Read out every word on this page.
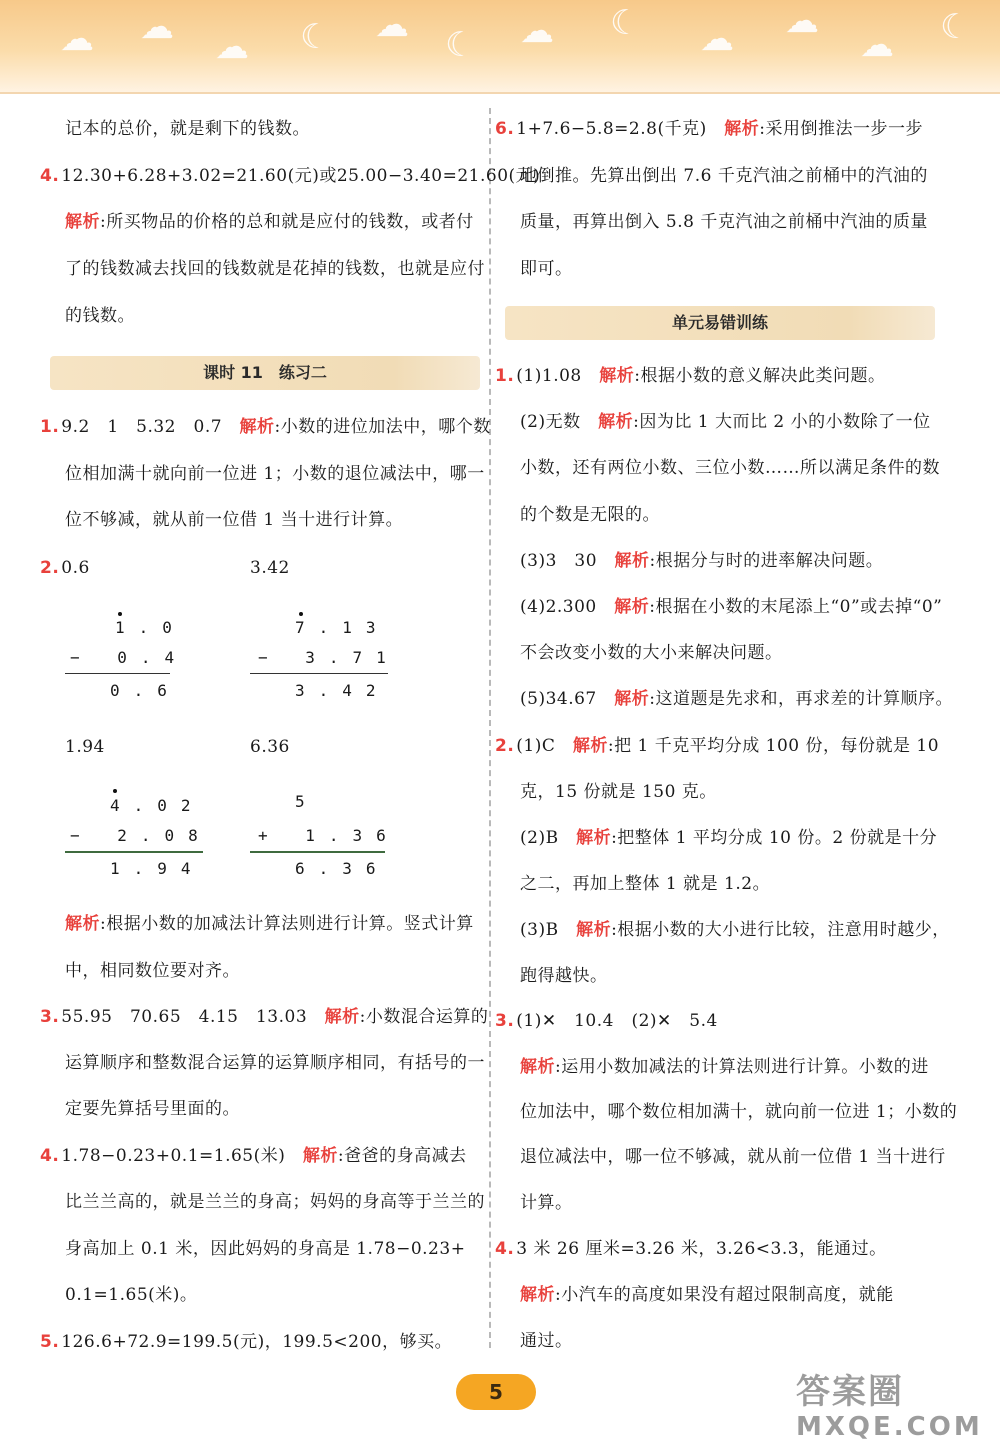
☁ ☁ ☁ ☾ ☁ ☾ ☁ ☾ ☁ ☁
☁ ☾
记本的总价，就是剩下的钱数。
4. 12.30+6.28+3.02=21.60(元)或25.00−3.40=21.60(元)
解析:所买物品的价格的总和就是应付的钱数，或者付
了的钱数减去找回的钱数就是花掉的钱数，也就是应付
的钱数。
课时 11　练习二
1. 9.2　1　5.32　0.7　解析:小数的进位加法中，哪个数
位相加满十就向前一位进 1；小数的退位减法中，哪一
位不够减，就从前一位借 1 当十进行计算。
2. 0.6	3.42
1.0
− 0.4
0.6
7.13
− 3.71
3.42
1.94	6.36
4.02
− 2.08
1.94
5
+ 1.36
6.36
解析:根据小数的加减法计算法则进行计算。竖式计算
中，相同数位要对齐。
3. 55.95　70.65　4.15　13.03　解析:小数混合运算的
运算顺序和整数混合运算的运算顺序相同，有括号的一
定要先算括号里面的。
4. 1.78−0.23+0.1=1.65(米)　解析:爸爸的身高减去
比兰兰高的，就是兰兰的身高；妈妈的身高等于兰兰的
身高加上 0.1 米，因此妈妈的身高是 1.78−0.23+
0.1=1.65(米)。
5. 126.6+72.9=199.5(元)，199.5<200，够买。
6. 1+7.6−5.8=2.8(千克)　解析:采用倒推法一步一步
地倒推。先算出倒出 7.6 千克汽油之前桶中的汽油的
质量，再算出倒入 5.8 千克汽油之前桶中汽油的质量
即可。
单元易错训练
1. (1)1.08　解析:根据小数的意义解决此类问题。
(2)无数　解析:因为比 1 大而比 2 小的小数除了一位
小数，还有两位小数、三位小数……所以满足条件的数
的个数是无限的。
(3)3　30　解析:根据分与时的进率解决问题。
(4)2.300　解析:根据在小数的末尾添上“0”或去掉“0”
不会改变小数的大小来解决问题。
(5)34.67　解析:这道题是先求和，再求差的计算顺序。
2. (1)C　解析:把 1 千克平均分成 100 份，每份就是 10
克，15 份就是 150 克。
(2)B　解析:把整体 1 平均分成 10 份。2 份就是十分
之二，再加上整体 1 就是 1.2。
(3)B　解析:根据小数的大小进行比较，注意用时越少，
跑得越快。
3. (1)✕　10.4　(2)✕　5.4
解析:运用小数加减法的计算法则进行计算。小数的进
位加法中，哪个数位相加满十，就向前一位进 1；小数的
退位减法中，哪一位不够减，就从前一位借 1 当十进行
计算。
4. 3 米 26 厘米=3.26 米，3.26<3.3，能通过。
解析:小汽车的高度如果没有超过限制高度，就能
通过。
5	答案圈
MXQE.COM
